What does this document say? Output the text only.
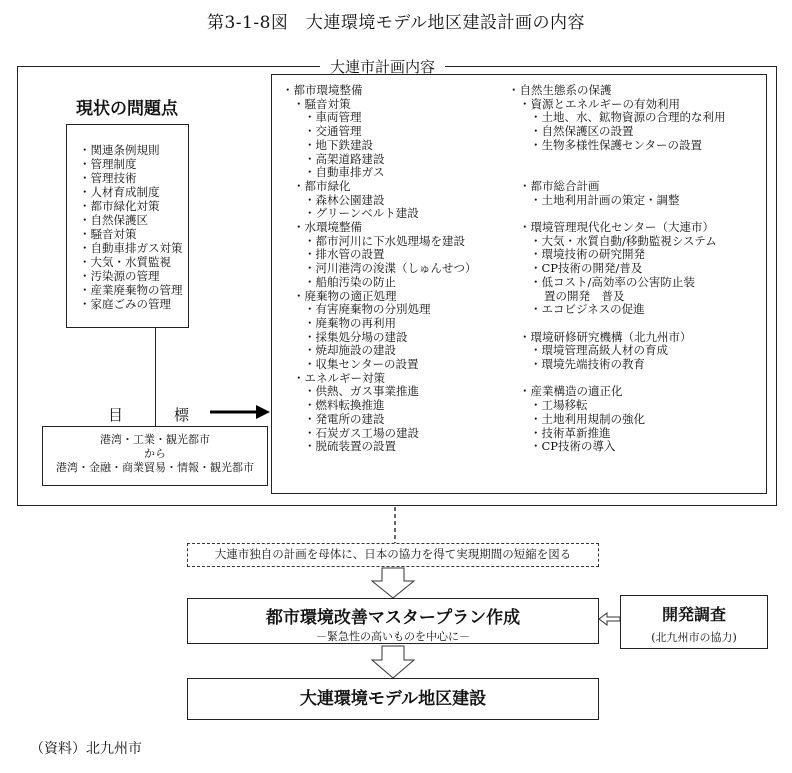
第3-1-8図　大連環境モデル地区建設計画の内容
大連市計画内容
現状の問題点
・関連条例規則
・管理制度
・管理技術
・人材育成制度
・都市緑化対策
・自然保護区
・騒音対策
・自動車排ガス対策
・大気・水質監視
・汚染源の管理
・産業廃棄物の管理
・家庭ごみの管理
目　標
港湾・工業・観光都市
から
港湾・金融・商業貿易・情報・観光都市
・都市環境整備
・騒音対策
・車両管理
・交通管理
・地下鉄建設
・高架道路建設
・自動車排ガス
・都市緑化
・森林公園建設
・グリーンベルト建設
・水環境整備
・都市河川に下水処理場を建設
・排水管の設置
・河川港湾の浚渫（しゅんせつ）
・船舶汚染の防止
・廃棄物の適正処理
・有害廃棄物の分別処理
・廃棄物の再利用
・採集処分場の建設
・焼却施設の建設
・収集センターの設置
・エネルギー対策
・供熱、ガス事業推進
・燃料転換推進
・発電所の建設
・石炭ガス工場の建設
・脱硫装置の設置
・自然生態系の保護
・資源とエネルギーの有効利用
・土地、水、鉱物資源の合理的な利用
・自然保護区の設置
・生物多様性保護センターの設置
・都市総合計画
・土地利用計画の策定・調整
・環境管理現代化センター（大連市）
・大気・水質自動/移動監視システム
・環境技術の研究開発
・CP技術の開発/普及
・低コスト/高効率の公害防止装
置の開発　普及
・エコビジネスの促進
・環境研修研究機構（北九州市）
・環境管理高級人材の育成
・環境先端技術の教育
・産業構造の適正化
・工場移転
・土地利用規制の強化
・技術革新推進
・CP技術の導入
大連市独自の計画を母体に、日本の協力を得て実現期間の短縮を図る
都市環境改善マスタープラン作成
－緊急性の高いものを中心に－
開発調査
(北九州市の協力)
大連環境モデル地区建設
（資料）北九州市
